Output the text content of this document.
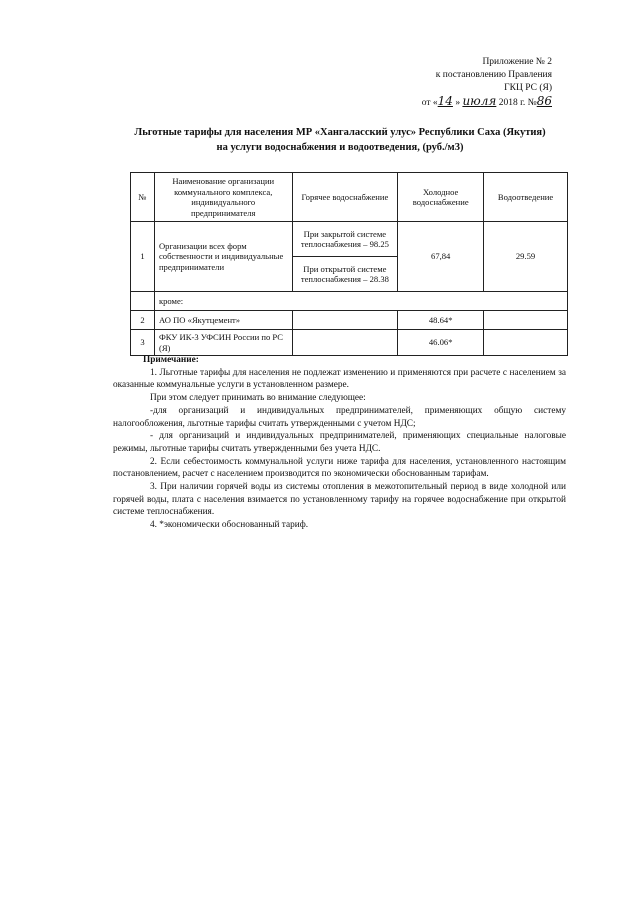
Приложение № 2
к постановлению Правления
ГКЦ РС (Я)
от «14 » июля 2018 г. №86
Льготные тарифы для населения МР «Хангаласский улус» Республики Саха (Якутия)
на услуги водоснабжения и водоотведения, (руб./м3)
№	Наименование организации коммунального комплекса, индивидуального предпринимателя	Горячее водоснабжение	Холодное водоснабжение	Водоотведение
1	Организации всех форм собственности и индивидуальные предприниматели	При закрытой системе теплоснабжения – 98.25	67,84	29.59
		При открытой системе теплоснабжения – 28.38		
	кроме:			
2	АО ПО «Якутцемент»		48.64*	
3	ФКУ ИК-3 УФСИН России по РС (Я)		46.06*	

Примечание:

1. Льготные тарифы для населения не подлежат изменению и применяются при расчете с населением за оказанные коммунальные услуги в установленном размере.

При этом следует принимать во внимание следующее:

-для организаций и индивидуальных предпринимателей, применяющих общую систему налогообложения, льготные тарифы считать утвержденными с учетом НДС;

- для организаций и индивидуальных предпринимателей, применяющих специальные налоговые режимы, льготные тарифы считать утвержденными без учета НДС.

2. Если себестоимость коммунальной услуги ниже тарифа для населения, установленного настоящим постановлением, расчет с населением производится по экономически обоснованным тарифам.

3. При наличии горячей воды из системы отопления в межотопительный период в виде холодной или горячей воды, плата с населения взимается по установленному тарифу на горячее водоснабжение при открытой системе теплоснабжения.

4. *экономически обоснованный тариф.
